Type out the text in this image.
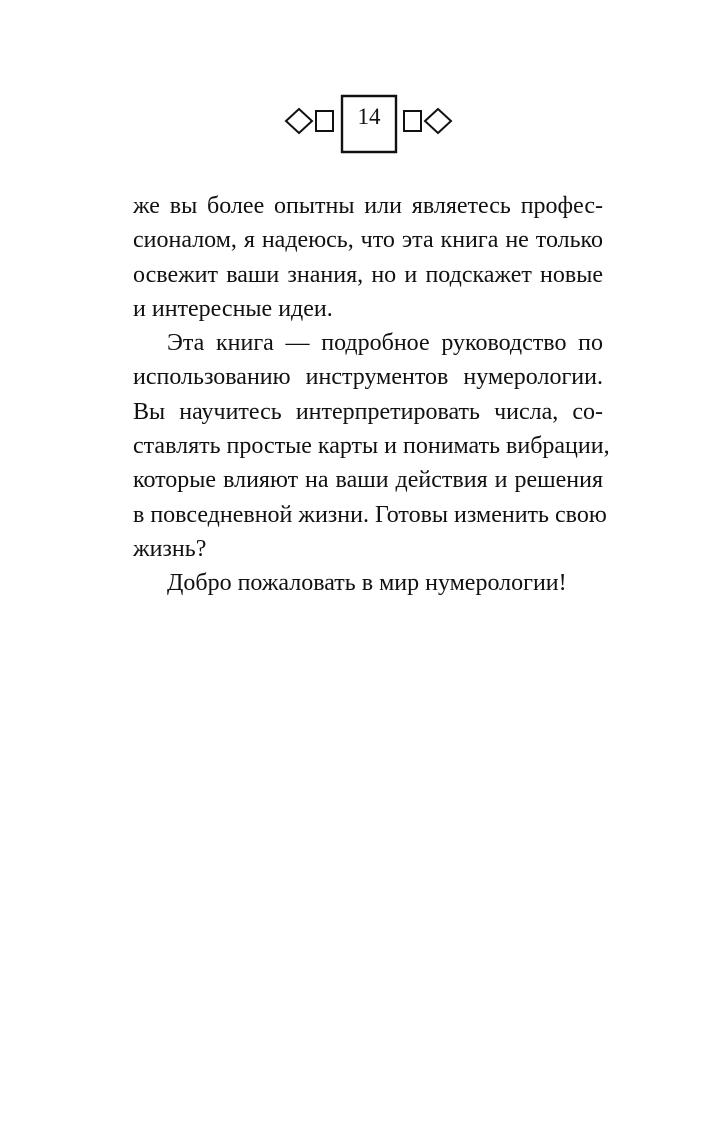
14
же вы более опытны или являетесь профес-
сионалом, я надеюсь, что эта книга не только
освежит ваши знания, но и подскажет новые
и интересные идеи.
Эта книга — подробное руководство по
использованию инструментов нумерологии.
Вы научитесь интерпретировать числа, со-
ставлять простые карты и понимать вибрации,
которые влияют на ваши действия и решения
в повседневной жизни. Готовы изменить свою
жизнь?
Добро пожаловать в мир нумерологии!
